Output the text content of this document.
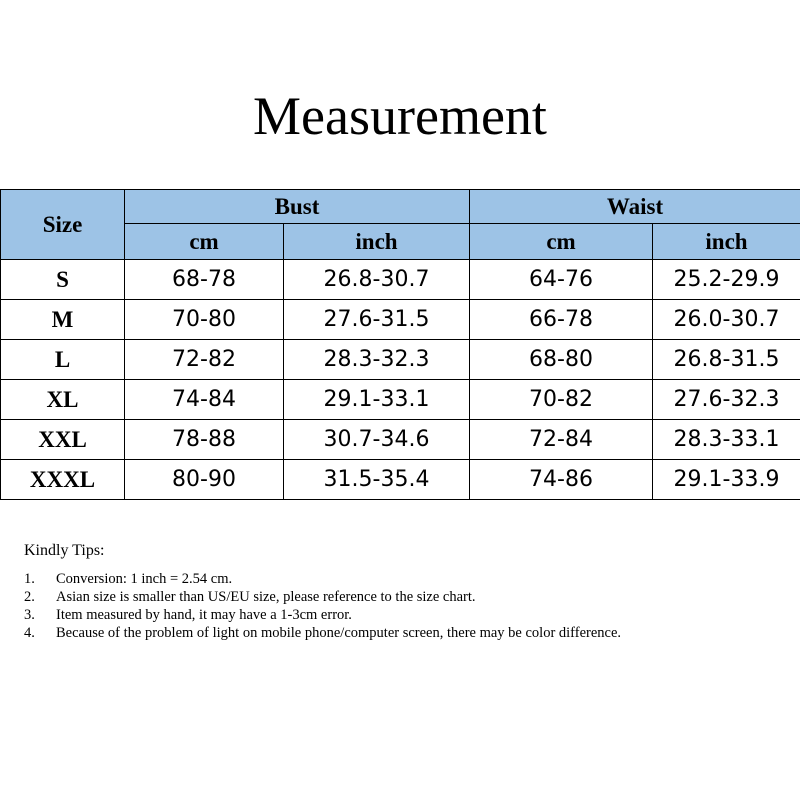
Measurement
Size	Bust		Waist	
	cm	inch	cm	inch
S	68-78	26.8-30.7	64-76	25.2-29.9
M	70-80	27.6-31.5	66-78	26.0-30.7
L	72-82	28.3-32.3	68-80	26.8-31.5
XL	74-84	29.1-33.1	70-82	27.6-32.3
XXL	78-88	30.7-34.6	72-84	28.3-33.1
XXXL	80-90	31.5-35.4	74-86	29.1-33.9
Kindly Tips:
1.	Conversion: 1 inch = 2.54 cm.
2.	Asian size is smaller than US/EU size, please reference to the size chart.
3.	Item measured by hand, it may have a 1-3cm error.
4.	Because of the problem of light on mobile phone/computer screen, there may be color difference.
